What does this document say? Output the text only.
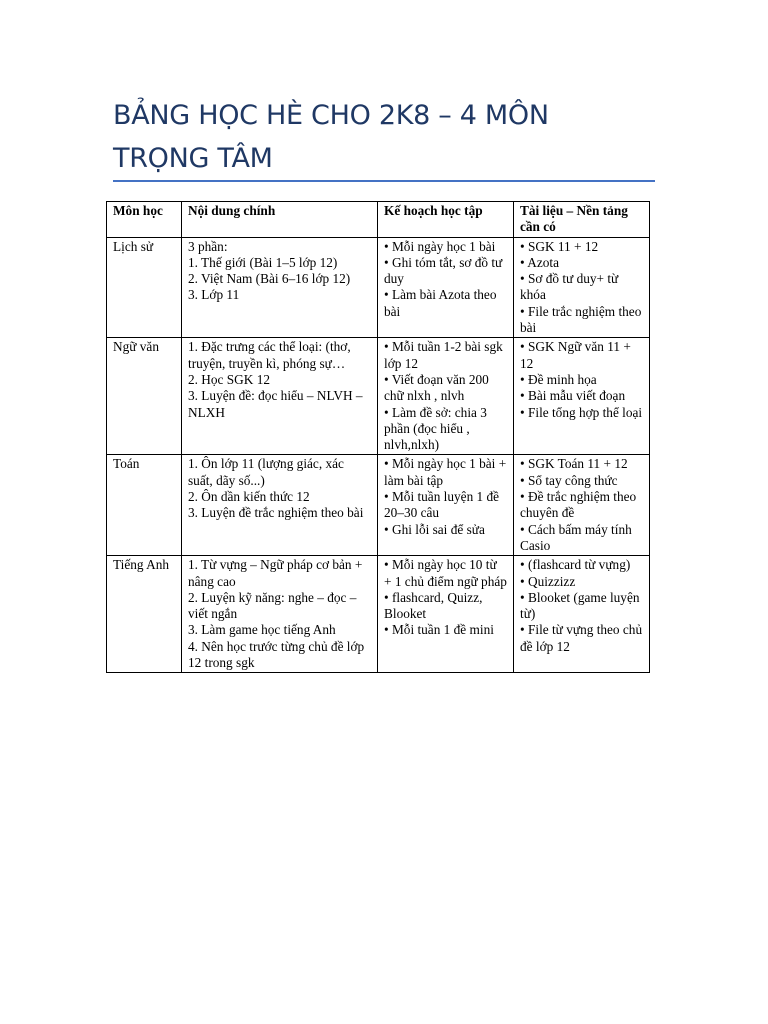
BẢNG HỌC HÈ CHO 2K8 – 4 MÔN
TRỌNG TÂM
Môn học	Nội dung chính	Kế hoạch học tập	Tài liệu – Nền tảng cần có
Lịch sử	3 phần:
1. Thế giới (Bài 1–5 lớp 12)
2. Việt Nam (Bài 6–16 lớp 12)
3. Lớp 11	• Mỗi ngày học 1 bài
• Ghi tóm tắt, sơ đồ tư duy
• Làm bài Azota theo bài	• SGK 11 + 12
• Azota
• Sơ đồ tư duy+ từ khóa
• File trắc nghiệm theo bài

Ngữ văn	1. Đặc trưng các thể loại: (thơ, truyện, truyền kì, phóng sự…
2. Học SGK 12
3. Luyện đề: đọc hiểu – NLVH – NLXH	• Mỗi tuần 1-2 bài sgk lớp 12
• Viết đoạn văn 200 chữ nlxh , nlvh
• Làm đề sở: chia 3 phần (đọc hiểu , nlvh,nlxh)	• SGK Ngữ văn 11 + 12
• Đề minh họa
• Bài mẫu viết đoạn
• File tổng hợp thể loại

Toán	1. Ôn lớp 11 (lượng giác, xác suất, dãy số...)
2. Ôn dần kiến thức 12
3. Luyện đề trắc nghiệm theo bài	• Mỗi ngày học 1 bài + làm bài tập
• Mỗi tuần luyện 1 đề 20–30 câu
• Ghi lỗi sai để sửa	• SGK Toán 11 + 12
• Sổ tay công thức
• Đề trắc nghiệm theo chuyên đề
• Cách bấm máy tính Casio

Tiếng Anh	1. Từ vựng – Ngữ pháp cơ bản + nâng cao
2. Luyện kỹ năng: nghe – đọc – viết ngắn
3. Làm game học tiếng Anh
4. Nên học trước từng chủ đề lớp 12 trong sgk	• Mỗi ngày học 10 từ + 1 chủ điểm ngữ pháp
• flashcard, Quizz, Blooket
• Mỗi tuần 1 đề mini	• (flashcard từ vựng)
• Quizzizz
• Blooket (game luyện từ)
• File từ vựng theo chủ đề lớp 12
